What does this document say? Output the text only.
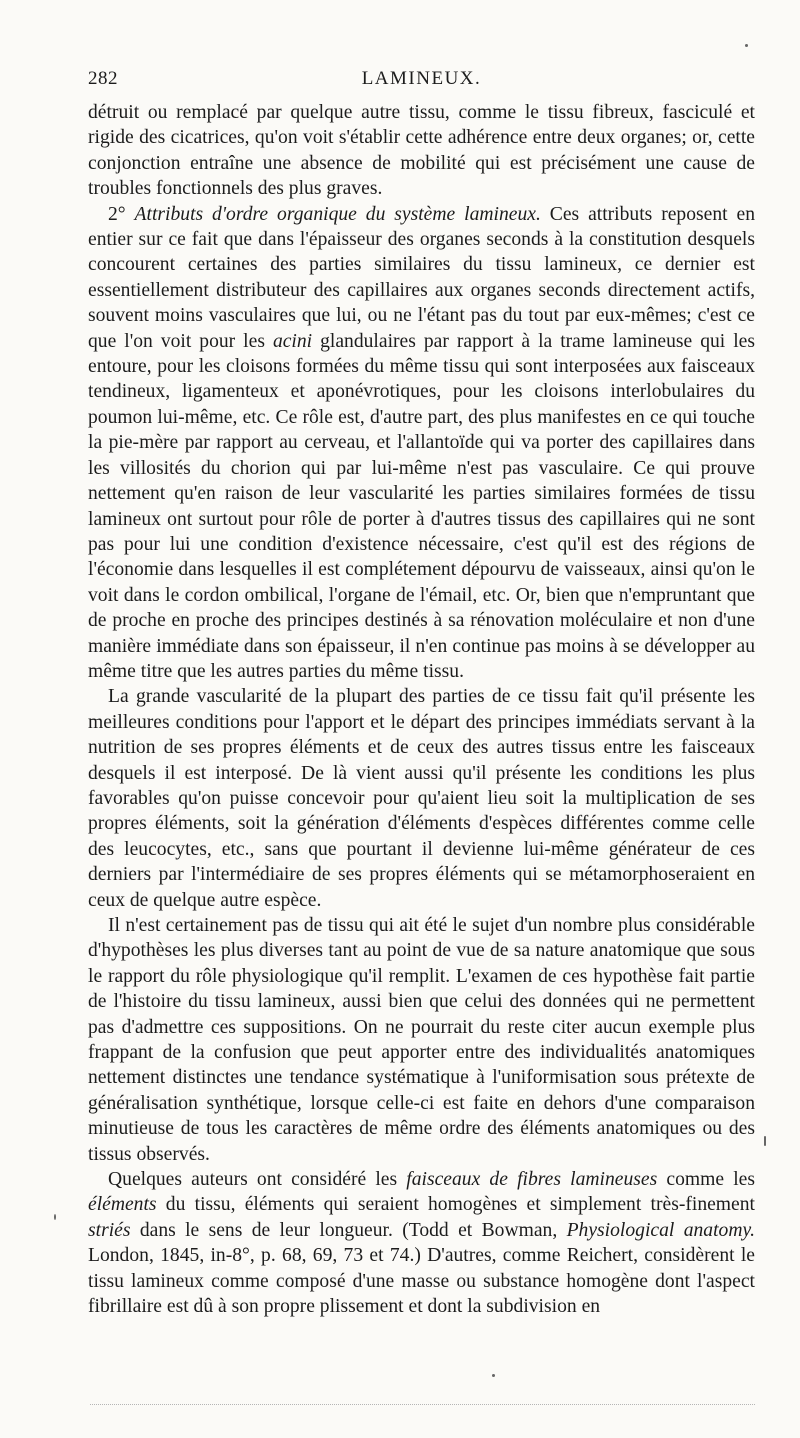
282	LAMINEUX.

détruit ou remplacé par quelque autre tissu, comme le tissu fibreux, fasciculé et rigide des cicatrices, qu'on voit s'établir cette adhérence entre deux organes; or, cette conjonction entraîne une absence de mobilité qui est précisément une cause de troubles fonctionnels des plus graves.

2° Attributs d'ordre organique du système lamineux. Ces attributs reposent en entier sur ce fait que dans l'épaisseur des organes seconds à la constitution desquels concourent certaines des parties similaires du tissu lamineux, ce dernier est essentiellement distributeur des capillaires aux organes seconds directement actifs, souvent moins vasculaires que lui, ou ne l'étant pas du tout par eux-mêmes; c'est ce que l'on voit pour les acini glandulaires par rapport à la trame lamineuse qui les entoure, pour les cloisons formées du même tissu qui sont interposées aux faisceaux tendineux, ligamenteux et aponévrotiques, pour les cloisons interlobulaires du poumon lui-même, etc. Ce rôle est, d'autre part, des plus manifestes en ce qui touche la pie-mère par rapport au cerveau, et l'allantoïde qui va porter des capillaires dans les villosités du chorion qui par lui-même n'est pas vasculaire. Ce qui prouve nettement qu'en raison de leur vascularité les parties similaires formées de tissu lamineux ont surtout pour rôle de porter à d'autres tissus des capillaires qui ne sont pas pour lui une condition d'existence nécessaire, c'est qu'il est des régions de l'économie dans lesquelles il est complétement dépourvu de vaisseaux, ainsi qu'on le voit dans le cordon ombilical, l'organe de l'émail, etc. Or, bien que n'empruntant que de proche en proche des principes destinés à sa rénovation moléculaire et non d'une manière immédiate dans son épaisseur, il n'en continue pas moins à se développer au même titre que les autres parties du même tissu.

La grande vascularité de la plupart des parties de ce tissu fait qu'il présente les meilleures conditions pour l'apport et le départ des principes immédiats servant à la nutrition de ses propres éléments et de ceux des autres tissus entre les faisceaux desquels il est interposé. De là vient aussi qu'il présente les conditions les plus favorables qu'on puisse concevoir pour qu'aient lieu soit la multiplication de ses propres éléments, soit la génération d'éléments d'espèces différentes comme celle des leucocytes, etc., sans que pourtant il devienne lui-même générateur de ces derniers par l'intermédiaire de ses propres éléments qui se métamorphoseraient en ceux de quelque autre espèce.

Il n'est certainement pas de tissu qui ait été le sujet d'un nombre plus considérable d'hypothèses les plus diverses tant au point de vue de sa nature anatomique que sous le rapport du rôle physiologique qu'il remplit. L'examen de ces hypothèse fait partie de l'histoire du tissu lamineux, aussi bien que celui des données qui ne permettent pas d'admettre ces suppositions. On ne pourrait du reste citer aucun exemple plus frappant de la confusion que peut apporter entre des individualités anatomiques nettement distinctes une tendance systématique à l'uniformisation sous prétexte de généralisation synthétique, lorsque celle-ci est faite en dehors d'une comparaison minutieuse de tous les caractères de même ordre des éléments anatomiques ou des tissus observés.

Quelques auteurs ont considéré les faisceaux de fibres lamineuses comme les éléments du tissu, éléments qui seraient homogènes et simplement très-finement striés dans le sens de leur longueur. (Todd et Bowman, Physiological anatomy. London, 1845, in-8°, p. 68, 69, 73 et 74.) D'autres, comme Reichert, considèrent le tissu lamineux comme composé d'une masse ou substance homogène dont l'aspect fibrillaire est dû à son propre plissement et dont la subdivision en
